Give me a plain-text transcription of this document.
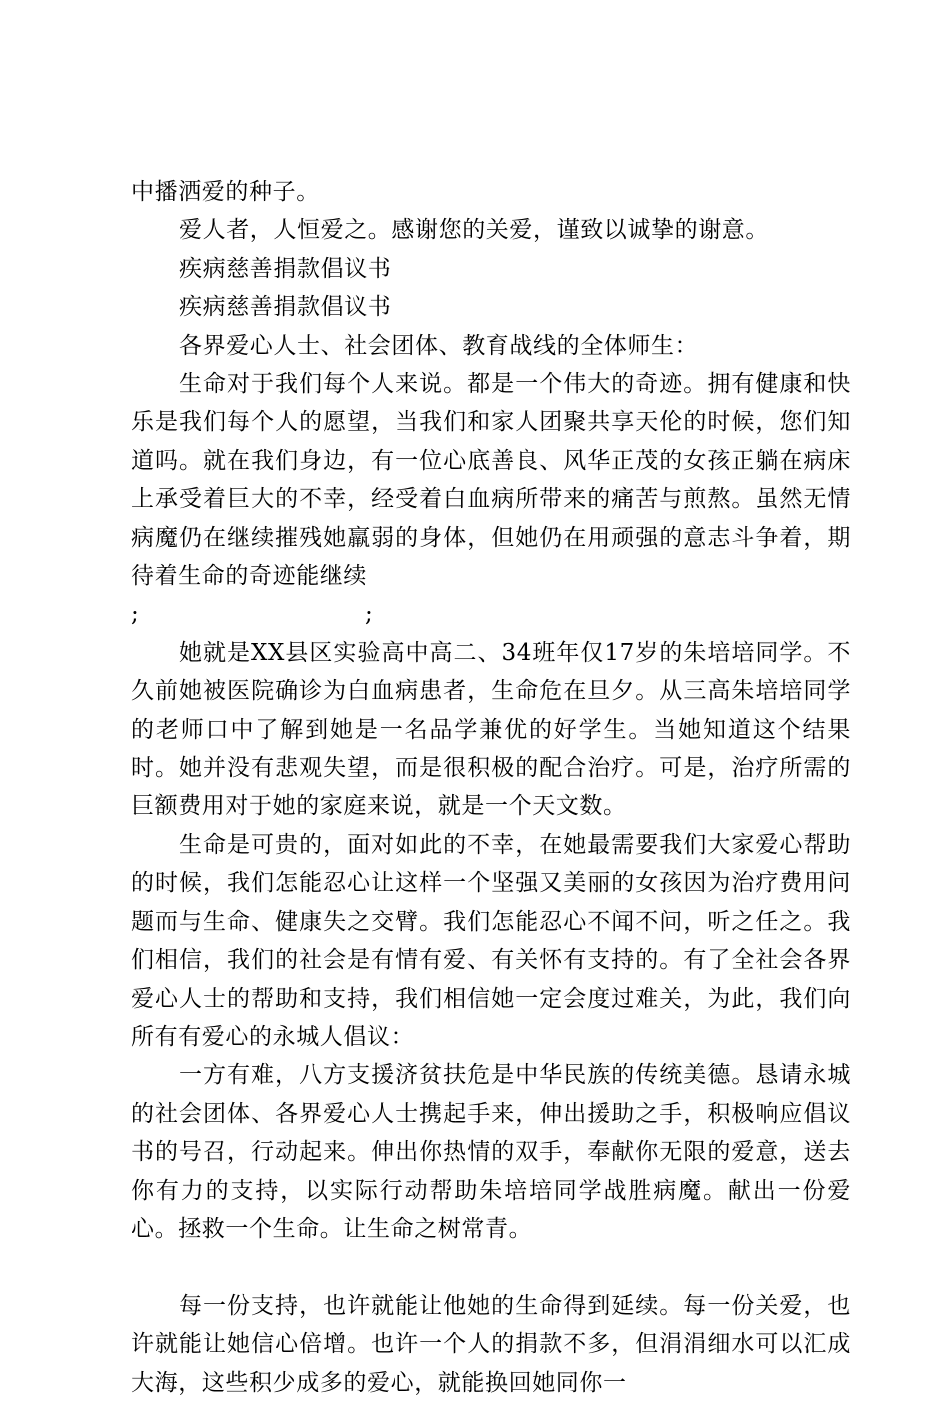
中播洒爱的种子。

爱人者，人恒爱之。感谢您的关爱，谨致以诚挚的谢意。

疾病慈善捐款倡议书

疾病慈善捐款倡议书

各界爱心人士、社会团体、教育战线的全体师生：

生命对于我们每个人来说。都是一个伟大的奇迹。拥有健康和快乐是我们每个人的愿望，当我们和家人团聚共享天伦的时候，您们知道吗。就在我们身边，有一位心底善良、风华正茂的女孩正躺在病床上承受着巨大的不幸，经受着白血病所带来的痛苦与煎熬。虽然无情病魔仍在继续摧残她羸弱的身体，但她仍在用顽强的意志斗争着，期待着生命的奇迹能继续

;	;

她就是XX县区实验高中高二、34班年仅17岁的朱培培同学。不久前她被医院确诊为白血病患者，生命危在旦夕。从三高朱培培同学的老师口中了解到她是一名品学兼优的好学生。当她知道这个结果时。她并没有悲观失望，而是很积极的配合治疗。可是，治疗所需的巨额费用对于她的家庭来说，就是一个天文数。

生命是可贵的，面对如此的不幸，在她最需要我们大家爱心帮助的时候，我们怎能忍心让这样一个坚强又美丽的女孩因为治疗费用问题而与生命、健康失之交臂。我们怎能忍心不闻不问，听之任之。我们相信，我们的社会是有情有爱、有关怀有支持的。有了全社会各界爱心人士的帮助和支持，我们相信她一定会度过难关，为此，我们向所有有爱心的永城人倡议：

一方有难，八方支援济贫扶危是中华民族的传统美德。恳请永城的社会团体、各界爱心人士携起手来，伸出援助之手，积极响应倡议书的号召，行动起来。伸出你热情的双手，奉献你无限的爱意，送去你有力的支持，以实际行动帮助朱培培同学战胜病魔。献出一份爱心。拯救一个生命。让生命之树常青。

每一份支持，也许就能让他她的生命得到延续。每一份关爱，也许就能让她信心倍增。也许一个人的捐款不多，但涓涓细水可以汇成大海，这些积少成多的爱心，就能换回她同你一
